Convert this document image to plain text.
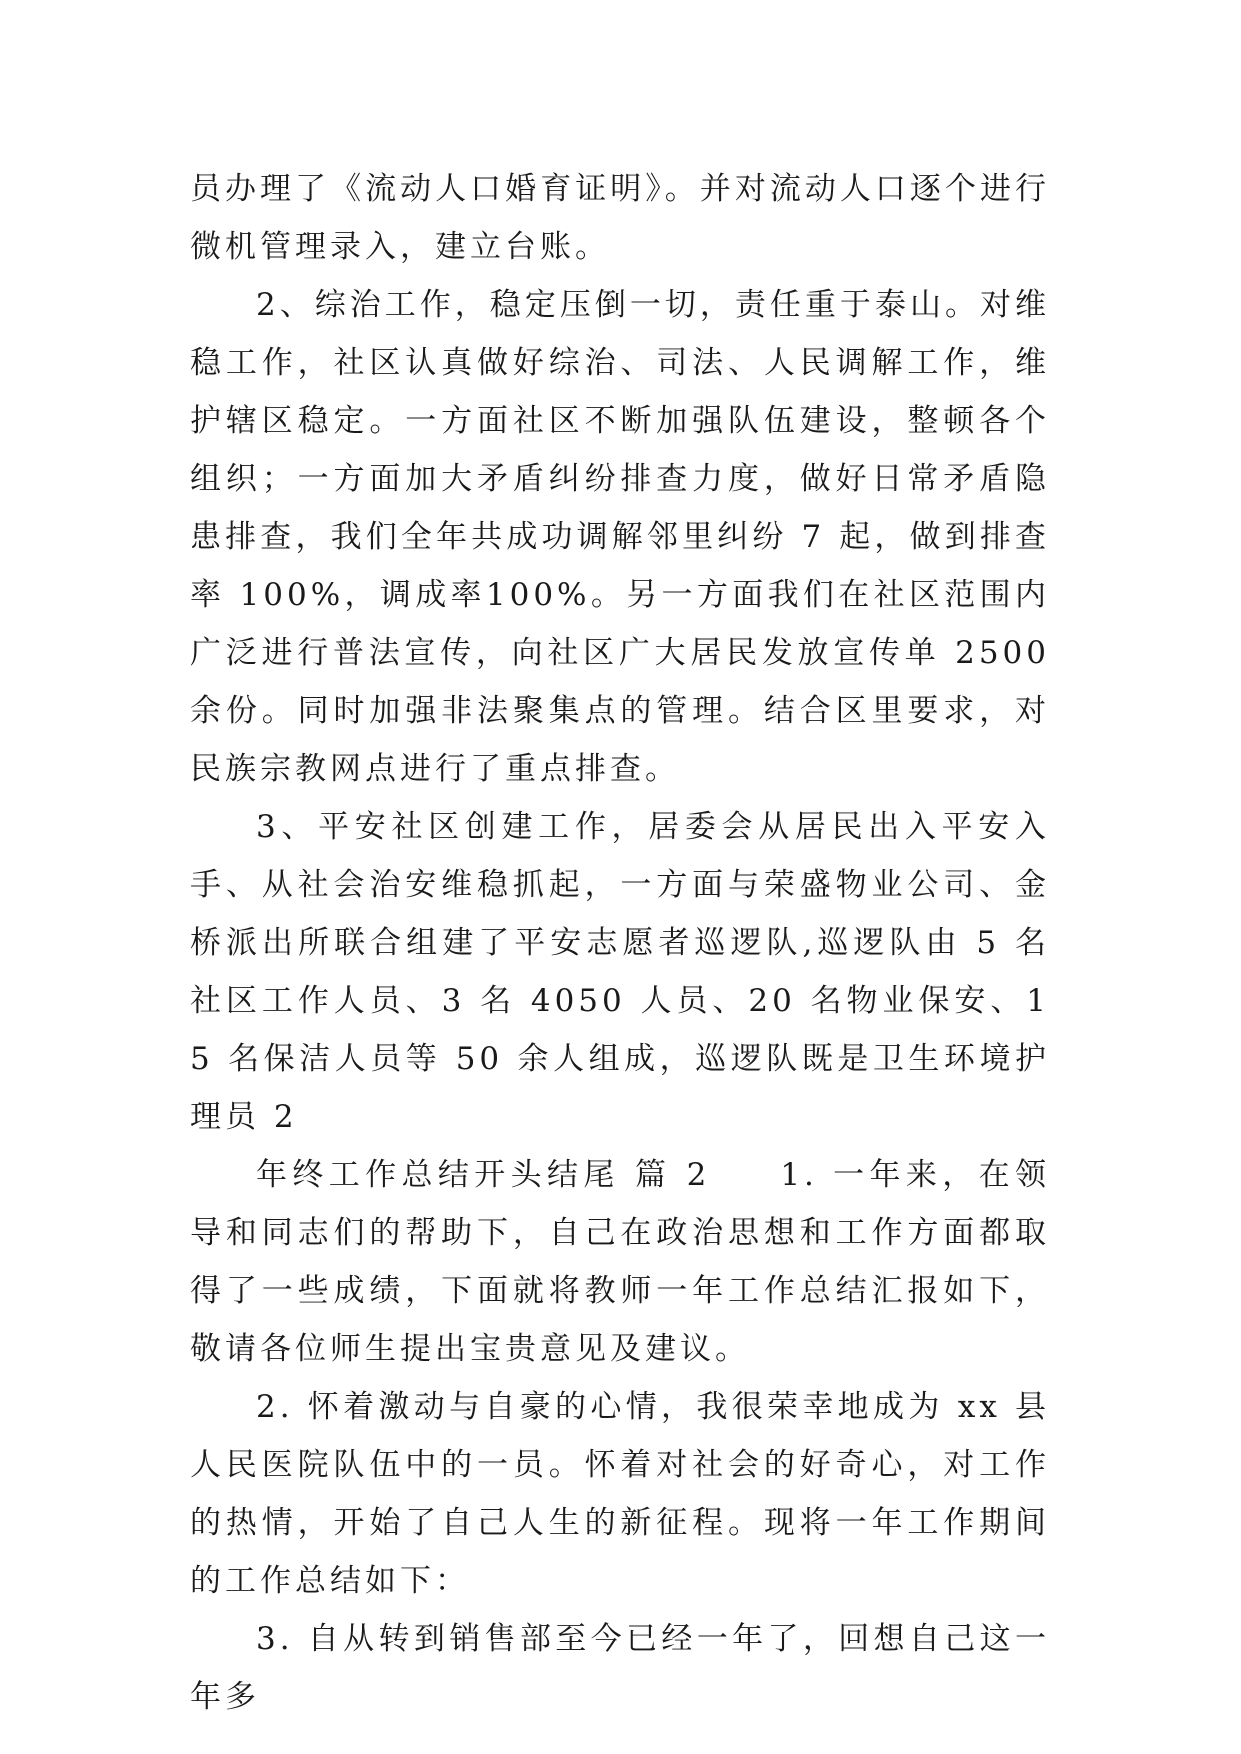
员办理了《流动人口婚育证明》。并对流动人口逐个进行微机管理录入，建立台账。

2、综治工作，稳定压倒一切，责任重于泰山。对维稳工作，社区认真做好综治、司法、人民调解工作，维护辖区稳定。一方面社区不断加强队伍建设，整顿各个组织；一方面加大矛盾纠纷排查力度，做好日常矛盾隐患排查，我们全年共成功调解邻里纠纷 7 起，做到排查率 100%，调成率100%。另一方面我们在社区范围内广泛进行普法宣传，向社区广大居民发放宣传单 2500 余份。同时加强非法聚集点的管理。结合区里要求，对民族宗教网点进行了重点排查。

3、平安社区创建工作，居委会从居民出入平安入手、从社会治安维稳抓起，一方面与荣盛物业公司、金桥派出所联合组建了平安志愿者巡逻队,巡逻队由 5 名社区工作人员、3 名 4050 人员、20 名物业保安、15 名保洁人员等 50 余人组成，巡逻队既是卫生环境护理员 2

年终工作总结开头结尾 篇 2 1. 一年来，在领导和同志们的帮助下，自己在政治思想和工作方面都取得了一些成绩，下面就将教师一年工作总结汇报如下，敬请各位师生提出宝贵意见及建议。

2. 怀着激动与自豪的心情，我很荣幸地成为 xx 县人民医院队伍中的一员。怀着对社会的好奇心，对工作的热情，开始了自己人生的新征程。现将一年工作期间的工作总结如下：

3. 自从转到销售部至今已经一年了，回想自己这一年多
